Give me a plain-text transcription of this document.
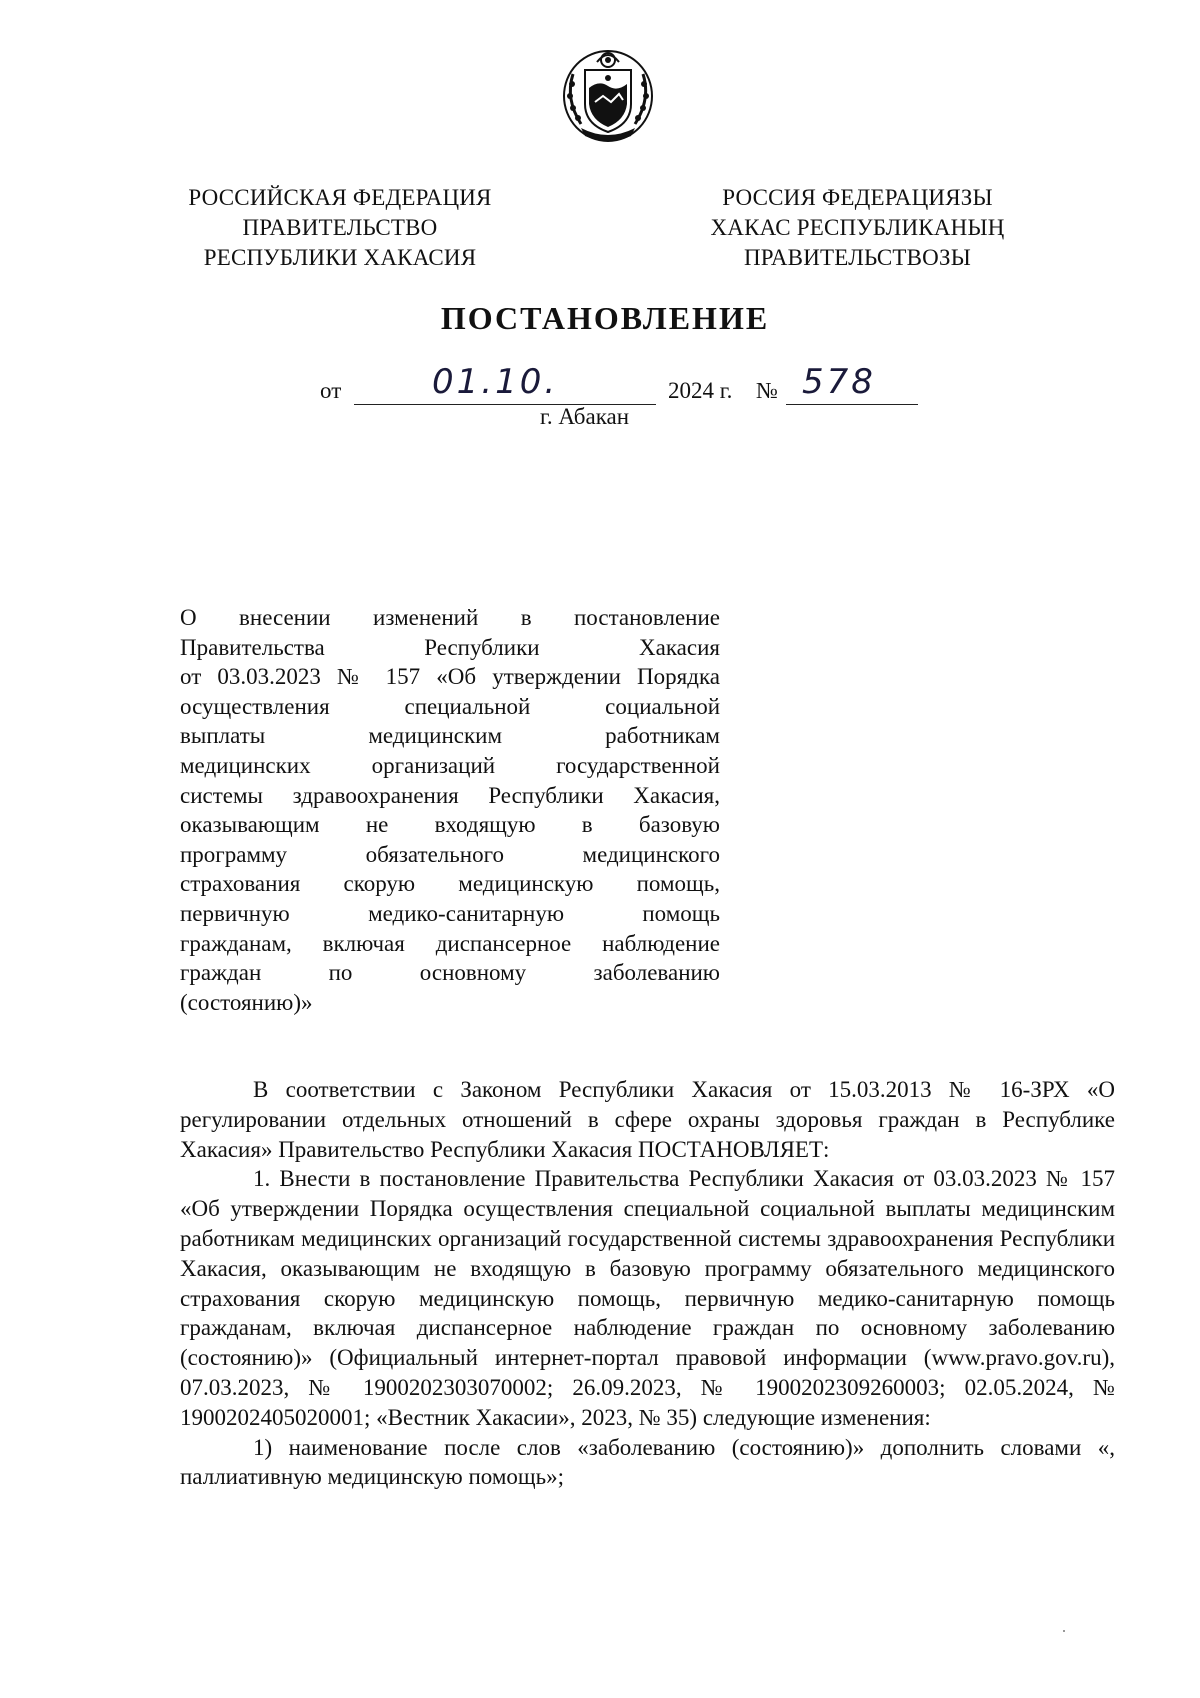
РОССИЙСКАЯ ФЕДЕРАЦИЯ
ПРАВИТЕЛЬСТВО
РЕСПУБЛИКИ ХАКАСИЯ
РОССИЯ ФЕДЕРАЦИЯЗЫ
ХАКАС РЕСПУБЛИКАНЫҢ
ПРАВИТЕЛЬСТВОЗЫ
ПОСТАНОВЛЕНИЕ
от	01.10.	2024 г. № 578
г. Абакан

О внесении изменений в постановление

Правительства Республики Хакасия

от 03.03.2023 № 157 «Об утверждении Порядка

осуществления специальной социальной

выплаты медицинским работникам

медицинских организаций государственной

системы здравоохранения Республики Хакасия,

оказывающим не входящую в базовую

программу обязательного медицинского

страхования скорую медицинскую помощь,

первичную медико-санитарную помощь

гражданам, включая диспансерное наблюдение

граждан по основному заболеванию

(состоянию)»

В соответствии с Законом Республики Хакасия от 15.03.2013 № 16-ЗРХ «О регулировании отдельных отношений в сфере охраны здоровья граждан в Республике Хакасия» Правительство Республики Хакасия ПОСТАНОВЛЯЕТ:

1. Внести в постановление Правительства Республики Хакасия от 03.03.2023 № 157 «Об утверждении Порядка осуществления специальной социальной выплаты медицинским работникам медицинских организаций государственной системы здравоохранения Республики Хакасия, оказывающим не входящую в базовую программу обязательного медицинского страхования скорую медицинскую помощь, первичную медико-санитарную помощь гражданам, включая диспансерное наблюдение граждан по основному заболеванию (состоянию)» (Официальный интернет-портал правовой информации (www.pravo.gov.ru), 07.03.2023, № 1900202303070002; 26.09.2023, № 1900202309260003; 02.05.2024, № 1900202405020001; «Вестник Хакасии», 2023, № 35) следующие изменения:

1) наименование после слов «заболеванию (состоянию)» дополнить словами «, паллиативную медицинскую помощь»;
